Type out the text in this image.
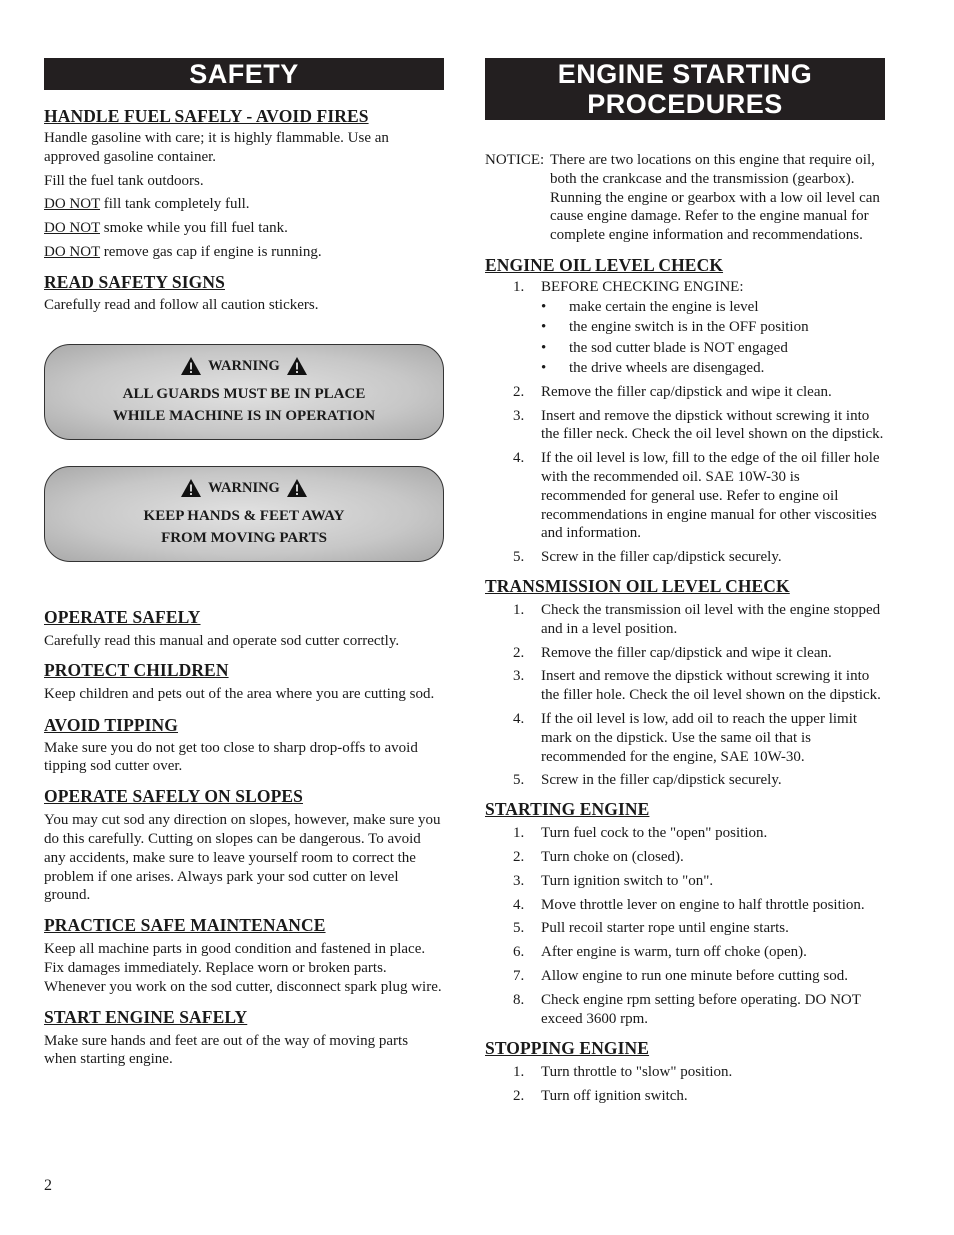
SAFETY
HANDLE FUEL SAFELY - AVOID FIRES

Handle gasoline with care; it is highly flammable. Use an approved gasoline container.

Fill the fuel tank outdoors.

DO NOT fill tank completely full.

DO NOT smoke while you fill fuel tank.

DO NOT remove gas cap if engine is running.

READ SAFETY SIGNS

Carefully read and follow all caution stickers.

WARNING
ALL GUARDS MUST BE IN PLACE
WHILE MACHINE IS IN OPERATION
WARNING
KEEP HANDS & FEET AWAY
FROM MOVING PARTS
OPERATE SAFELY

Carefully read this manual and operate sod cutter correctly.

PROTECT CHILDREN

Keep children and pets out of the area where you are cutting sod.

AVOID TIPPING

Make sure you do not get too close to sharp drop-offs to avoid tipping sod cutter over.

OPERATE SAFELY ON SLOPES

You may cut sod any direction on slopes, however, make sure you do this carefully. Cutting on slopes can be dangerous. To avoid any accidents, make sure to leave yourself room to correct the problem if one arises. Always park your sod cutter on level ground.

PRACTICE SAFE MAINTENANCE

Keep all machine parts in good condition and fastened in place. Fix damages immediately. Replace worn or broken parts. Whenever you work on the sod cutter, disconnect spark plug wire.

START ENGINE SAFELY

Make sure hands and feet are out of the way of moving parts when starting engine.

2
ENGINE STARTING
PROCEDURES
NOTICE: There are two locations on this engine that require oil, both the crankcase and the transmission (gearbox). Running the engine or gearbox with a low oil level can cause engine damage. Refer to the engine manual for complete engine information and recommendations.
ENGINE OIL LEVEL CHECK
1. BEFORE CHECKING ENGINE:
• make certain the engine is level
• the engine switch is in the OFF position
• the sod cutter blade is NOT engaged
• the drive wheels are disengaged.
2. Remove the filler cap/dipstick and wipe it clean.
3. Insert and remove the dipstick without screwing it into the filler neck. Check the oil level shown on the dipstick.
4. If the oil level is low, fill to the edge of the oil filler hole with the recommended oil. SAE 10W-30 is recommended for general use. Refer to engine oil recommendations in engine manual for other viscosities and information.
5. Screw in the filler cap/dipstick securely.
TRANSMISSION OIL LEVEL CHECK
1. Check the transmission oil level with the engine stopped and in a level position.
2. Remove the filler cap/dipstick and wipe it clean.
3. Insert and remove the dipstick without screwing it into the filler hole. Check the oil level shown on the dipstick.
4. If the oil level is low, add oil to reach the upper limit mark on the dipstick. Use the same oil that is recommended for the engine, SAE 10W-30.
5. Screw in the filler cap/dipstick securely.
STARTING ENGINE
1. Turn fuel cock to the "open" position.
2. Turn choke on (closed).
3. Turn ignition switch to "on".
4. Move throttle lever on engine to half throttle position.
5. Pull recoil starter rope until engine starts.
6. After engine is warm, turn off choke (open).
7. Allow engine to run one minute before cutting sod.
8. Check engine rpm setting before operating. DO NOT exceed 3600 rpm.
STOPPING ENGINE
1. Turn throttle to "slow" position.
2. Turn off ignition switch.
